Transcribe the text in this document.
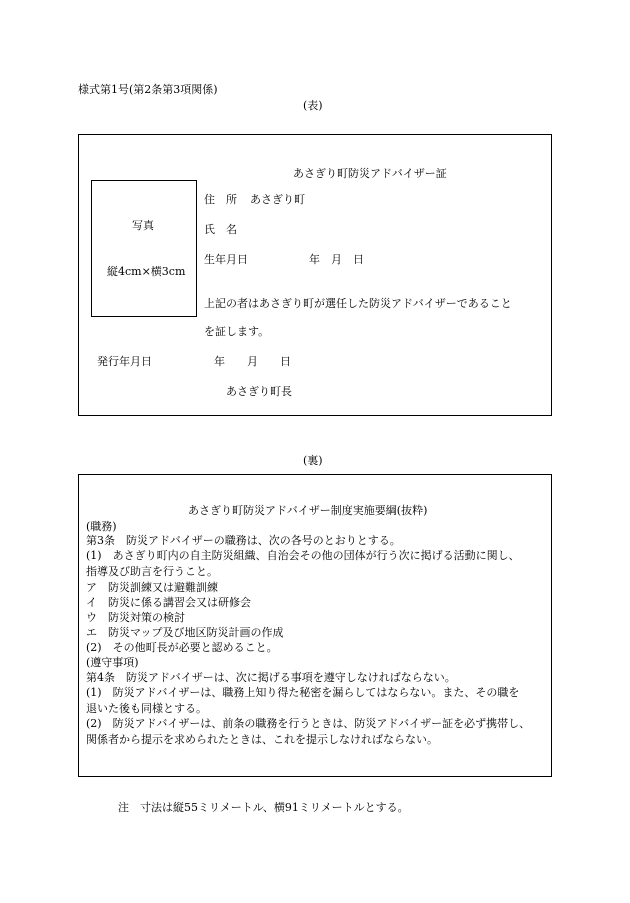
様式第1号(第2条第3項関係)
(表)
あさぎり町防災アドバイザー証
写真
縦4cm×横3cm
住　所 あさぎり町
氏　名
生年月日	年　月　日
上記の者はあさぎり町が選任した防災アドバイザーであること
を証します。
発行年月日	年　　月　　日
あさぎり町長
(裏)
あさぎり町防災アドバイザー制度実施要綱(抜粋)
(職務)
第3条　防災アドバイザーの職務は、次の各号のとおりとする。
(1)　あさぎり町内の自主防災組織、自治会その他の団体が行う次に掲げる活動に関し、
指導及び助言を行うこと。
ア　防災訓練又は避難訓練
イ　防災に係る講習会又は研修会
ウ　防災対策の検討
エ　防災マップ及び地区防災計画の作成
(2)　その他町長が必要と認めること。
(遵守事項)
第4条　防災アドバイザーは、次に掲げる事項を遵守しなければならない。
(1)　防災アドバイザーは、職務上知り得た秘密を漏らしてはならない。また、その職を
退いた後も同様とする。
(2)　防災アドバイザーは、前条の職務を行うときは、防災アドバイザー証を必ず携帯し、
関係者から提示を求められたときは、これを提示しなければならない。
注　寸法は縦55ミリメートル、横91ミリメートルとする。
